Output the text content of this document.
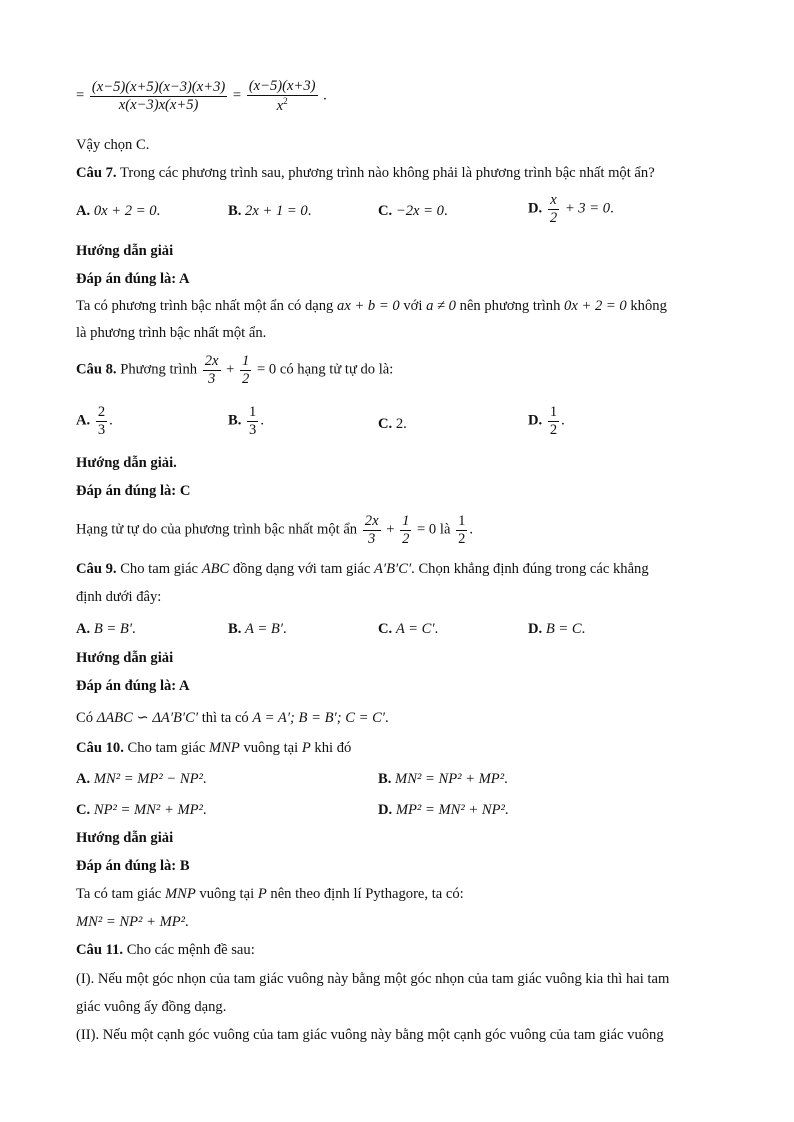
= $\frac{(x-5)(x+5)(x-3)(x+3)}{x(x-3)x(x+5)} = \frac{(x-5)(x+3)}{x^2}$ .
Vậy chọn C.
Câu 7. Trong các phương trình sau, phương trình nào không phải là phương trình bậc nhất một ẩn?
A. 0x + 2 = 0.	B. 2x + 1 = 0.	C. −2x = 0.	D. $\frac{x}{2} + 3 = 0$.
Hướng dẫn giải
Đáp án đúng là: A
Ta có phương trình bậc nhất một ẩn có dạng ax + b = 0 với a ≠ 0 nên phương trình 0x + 2 = 0 không
là phương trình bậc nhất một ẩn.
Câu 8. Phương trình $\frac{2x}{3} + \frac{1}{2} = 0$ có hạng tử tự do là:
A. $\frac{2}{3}$ .	B. $\frac{1}{3}$ .	C. 2.	D. $\frac{1}{2}$ .
Hướng dẫn giải.
Đáp án đúng là: C
Hạng tử tự do của phương trình bậc nhất một ẩn $\frac{2x}{3} + \frac{1}{2} = 0$ là $\frac{1}{2}$ .
Câu 9. Cho tam giác ABC đồng dạng với tam giác A′B′C′. Chọn khẳng định đúng trong các khẳng
định dưới đây:
A. B = B′.	B. A = B′.	C. A = C′.	D. B = C.
Hướng dẫn giải
Đáp án đúng là: A
Có ΔABC ∽ ΔA′B′C′ thì ta có A = A′; B = B′; C = C′.
Câu 10. Cho tam giác MNP vuông tại P khi đó
A. MN² = MP² − NP².	B. MN² = NP² + MP².
C. NP² = MN² + MP².	D. MP² = MN² + NP².
Hướng dẫn giải
Đáp án đúng là: B
Ta có tam giác MNP vuông tại P nên theo định lí Pythagore, ta có:
MN² = NP² + MP².
Câu 11. Cho các mệnh đề sau:
(I). Nếu một góc nhọn của tam giác vuông này bằng một góc nhọn của tam giác vuông kia thì hai tam
giác vuông ấy đồng dạng.
(II). Nếu một cạnh góc vuông của tam giác vuông này bằng một cạnh góc vuông của tam giác vuông
